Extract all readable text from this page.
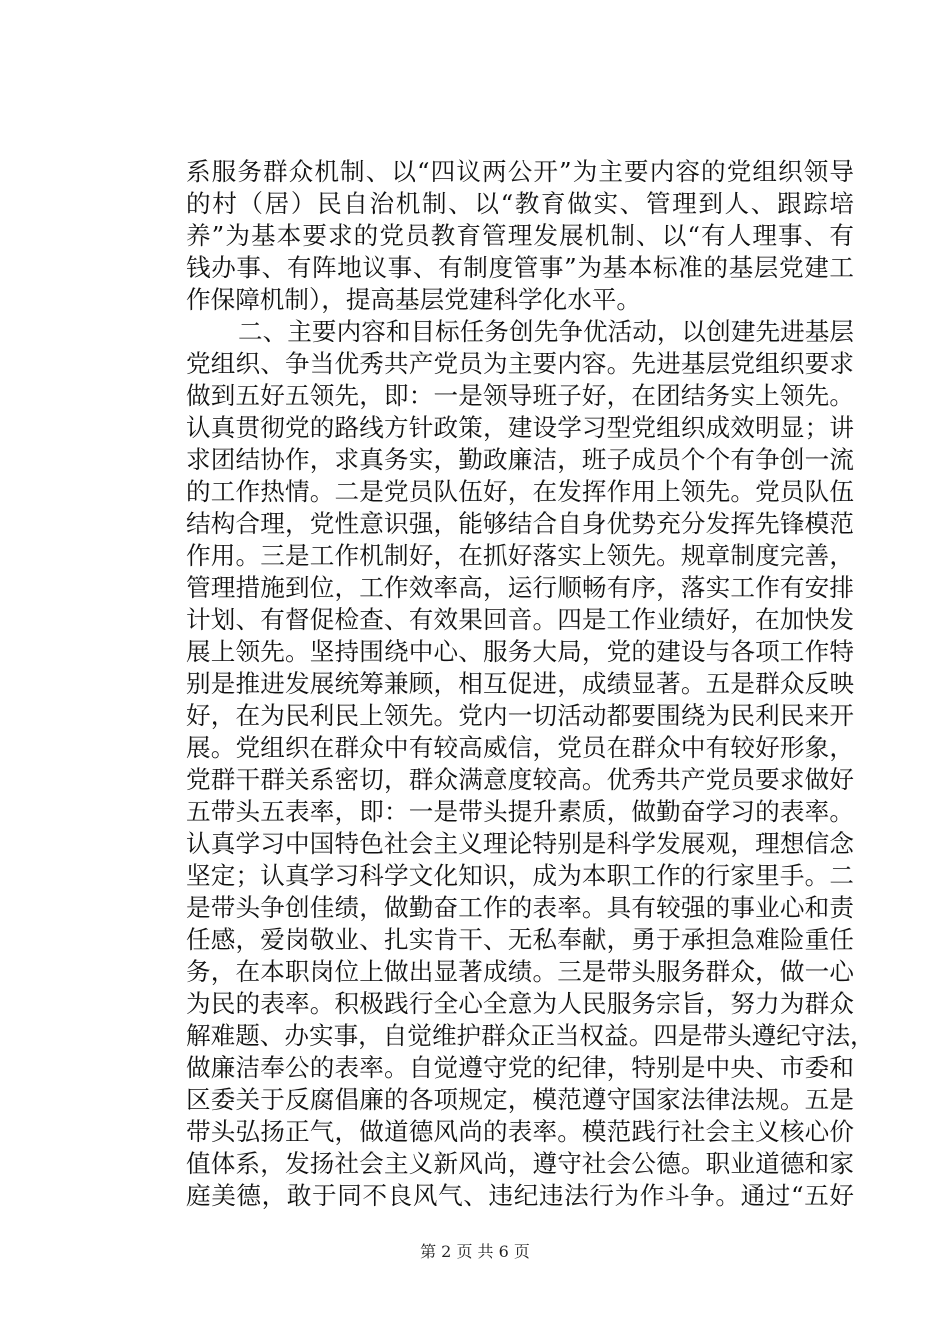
系服务群众机制、以“四议两公开”为主要内容的党组织领导
的村（居）民自治机制、以“教育做实、管理到人、跟踪培
养”为基本要求的党员教育管理发展机制、以“有人理事、有
钱办事、有阵地议事、有制度管事”为基本标准的基层党建工
作保障机制），提高基层党建科学化水平。
二、主要内容和目标任务创先争优活动，以创建先进基层
党组织、争当优秀共产党员为主要内容。先进基层党组织要求
做到五好五领先，即：一是领导班子好，在团结务实上领先。
认真贯彻党的路线方针政策，建设学习型党组织成效明显；讲
求团结协作，求真务实，勤政廉洁，班子成员个个有争创一流
的工作热情。二是党员队伍好，在发挥作用上领先。党员队伍
结构合理，党性意识强，能够结合自身优势充分发挥先锋模范
作用。三是工作机制好，在抓好落实上领先。规章制度完善，
管理措施到位，工作效率高，运行顺畅有序，落实工作有安排
计划、有督促检查、有效果回音。四是工作业绩好，在加快发
展上领先。坚持围绕中心、服务大局，党的建设与各项工作特
别是推进发展统筹兼顾，相互促进，成绩显著。五是群众反映
好，在为民利民上领先。党内一切活动都要围绕为民利民来开
展。党组织在群众中有较高威信，党员在群众中有较好形象，
党群干群关系密切，群众满意度较高。优秀共产党员要求做好
五带头五表率，即：一是带头提升素质，做勤奋学习的表率。
认真学习中国特色社会主义理论特别是科学发展观，理想信念
坚定；认真学习科学文化知识，成为本职工作的行家里手。二
是带头争创佳绩，做勤奋工作的表率。具有较强的事业心和责
任感，爱岗敬业、扎实肯干、无私奉献，勇于承担急难险重任
务，在本职岗位上做出显著成绩。三是带头服务群众，做一心
为民的表率。积极践行全心全意为人民服务宗旨，努力为群众
解难题、办实事，自觉维护群众正当权益。四是带头遵纪守法，
做廉洁奉公的表率。自觉遵守党的纪律，特别是中央、市委和
区委关于反腐倡廉的各项规定，模范遵守国家法律法规。五是
带头弘扬正气，做道德风尚的表率。模范践行社会主义核心价
值体系，发扬社会主义新风尚，遵守社会公德。职业道德和家
庭美德，敢于同不良风气、违纪违法行为作斗争。通过“五好
第 2 页 共 6 页
